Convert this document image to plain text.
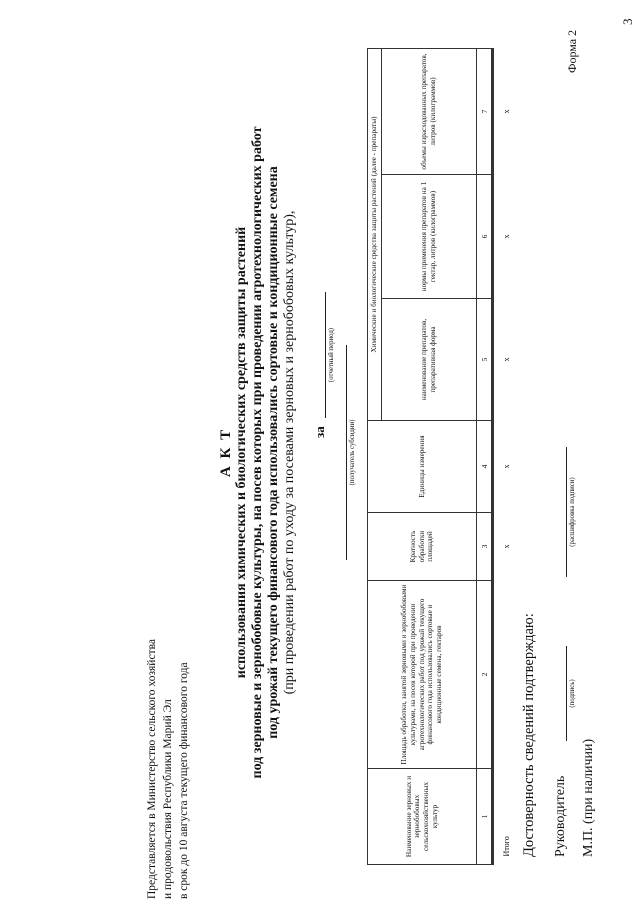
3
Форма 2
Представляется в Министерство сельского хозяйства и продовольствия Республики Марий Эл в срок до 10 августа текущего финансового года
А К Т использования химических и биологических средств защиты растений под зерновые и зернобобовые культуры, на посев которых при проведении агротехнологических работ под урожай текущего финансового года использовались сортовые и кондиционные семена (при проведении работ по уходу за посевами зерновых и зернобобовых культур), за
(отчетный период)
(получатель субсидии)
Наименование зерновых и зернобобовых сельскохозяйственных культур	Площадь обработки, занятой зерновыми и зернобобовыми культурами, на посев которой при проведении агротехнологических работ под урожай текущего финансового года использовались сортовые и кондиционные семена, гектаров	Кратность обработки площадей	Единицы измерения	Химические и биологические средства защиты растений (далее - препараты)		
				наименование препаратов, препаративная форма	нормы применения препаратов на 1 гектар, литров (килограммов)	объемы израсходованных препаратов, литров (килограммов)
1	2	3	4	5	6	7
Итого		x	x	x	x	x
Достоверность сведений подтверждаю: Руководитель
(подпись)
(расшифровка подписи)
М.П. (при наличии)
